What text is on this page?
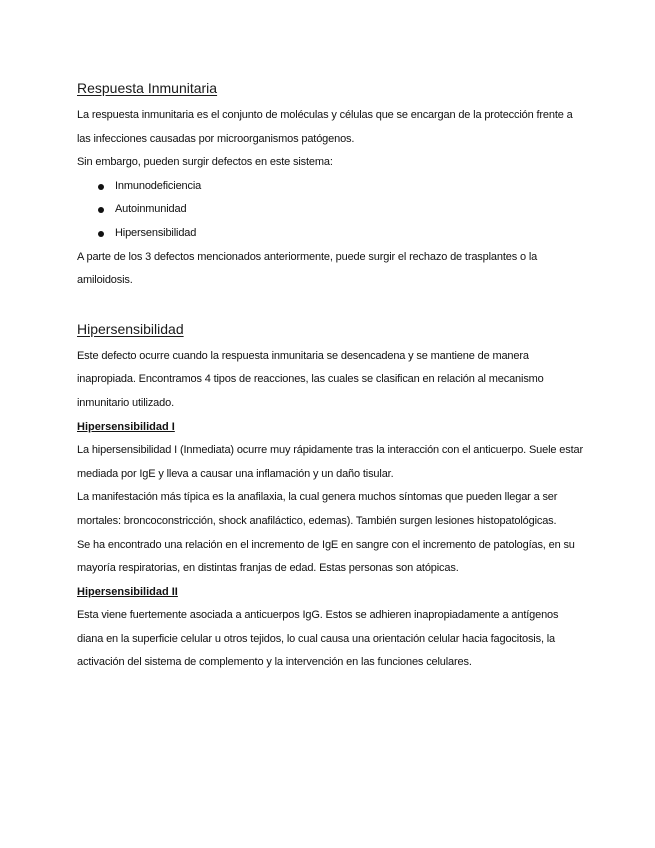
Respuesta Inmunitaria

La respuesta inmunitaria es el conjunto de moléculas y células que se encargan de la protección frente a las infecciones causadas por microorganismos patógenos.

Sin embargo, pueden surgir defectos en este sistema:

Inmunodeficiencia
Autoinmunidad
Hipersensibilidad

A parte de los 3 defectos mencionados anteriormente, puede surgir el rechazo de trasplantes o la amiloidosis.

Hipersensibilidad

Este defecto ocurre cuando la respuesta inmunitaria se desencadena y se mantiene de manera inapropiada. Encontramos 4 tipos de reacciones, las cuales se clasifican en relación al mecanismo inmunitario utilizado.

Hipersensibilidad I

La hipersensibilidad I (Inmediata) ocurre muy rápidamente tras la interacción con el anticuerpo. Suele estar mediada por IgE y lleva a causar una inflamación y un daño tisular.

La manifestación más típica es la anafilaxia, la cual genera muchos síntomas que pueden llegar a ser mortales: broncoconstricción, shock anafiláctico, edemas). También surgen lesiones histopatológicas.

Se ha encontrado una relación en el incremento de IgE en sangre con el incremento de patologías, en su mayoría respiratorias, en distintas franjas de edad. Estas personas son atópicas.

Hipersensibilidad II

Esta viene fuertemente asociada a anticuerpos IgG. Estos se adhieren inapropiadamente a antígenos diana en la superficie celular u otros tejidos, lo cual causa una orientación celular hacia fagocitosis, la activación del sistema de complemento y la intervención en las funciones celulares.
